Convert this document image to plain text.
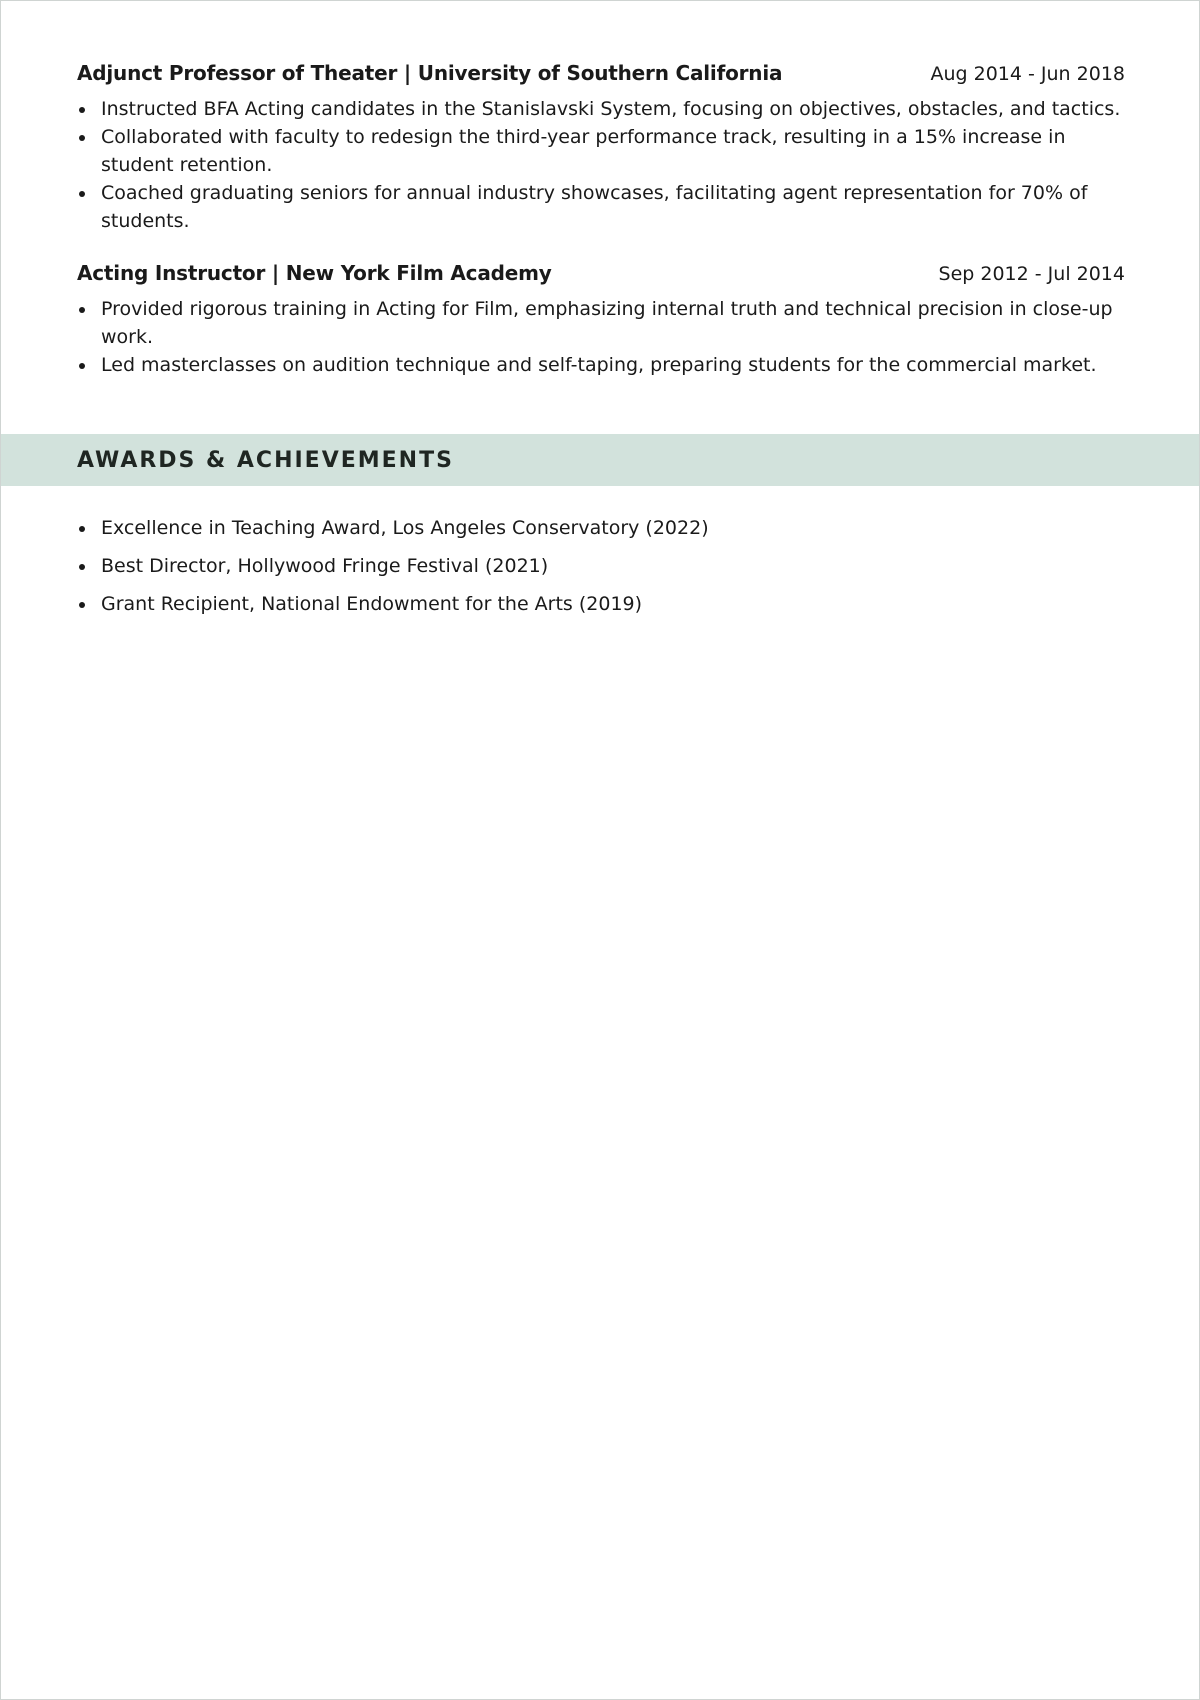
Adjunct Professor of Theater | University of Southern California	Aug 2014 - Jun 2018
Instructed BFA Acting candidates in the Stanislavski System, focusing on objectives, obstacles, and tactics.
Collaborated with faculty to redesign the third-year performance track, resulting in a 15% increase in student retention.
Coached graduating seniors for annual industry showcases, facilitating agent representation for 70% of students.
Acting Instructor | New York Film Academy	Sep 2012 - Jul 2014
Provided rigorous training in Acting for Film, emphasizing internal truth and technical precision in close-up work.
Led masterclasses on audition technique and self-taping, preparing students for the commercial market.
AWARDS & ACHIEVEMENTS
Excellence in Teaching Award, Los Angeles Conservatory (2022)
Best Director, Hollywood Fringe Festival (2021)
Grant Recipient, National Endowment for the Arts (2019)
